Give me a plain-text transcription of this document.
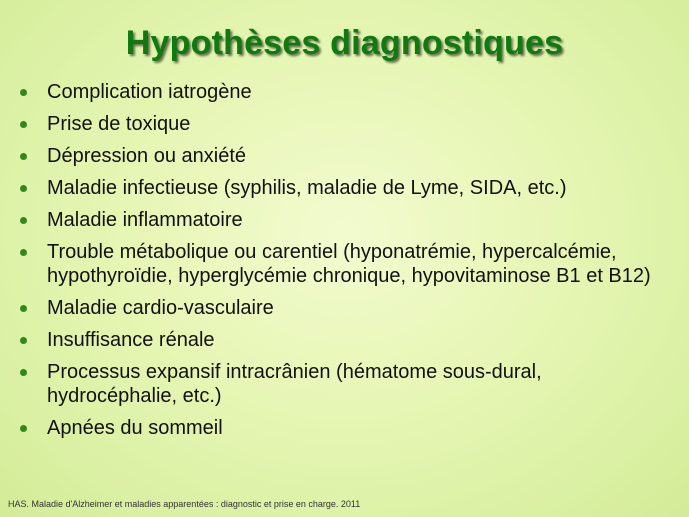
Hypothèses diagnostiques
Complication iatrogène
Prise de toxique
Dépression ou anxiété
Maladie infectieuse (syphilis, maladie de Lyme, SIDA, etc.)
Maladie inflammatoire
Trouble métabolique ou carentiel (hyponatrémie, hypercalcémie, hypothyroïdie, hyperglycémie chronique, hypovitaminose B1 et B12)
Maladie cardio-vasculaire
Insuffisance rénale
Processus expansif intracrânien (hématome sous-dural, hydrocéphalie, etc.)
Apnées du sommeil
HAS. Maladie d'Alzheimer et maladies apparentées : diagnostic et prise en charge. 2011
